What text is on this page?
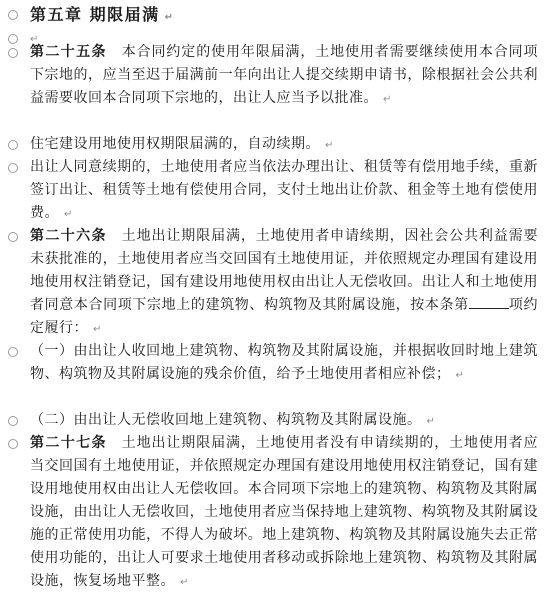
第五章 期限届满 ↵
↵
第二十五条　 本合同约定的使用年限届满，土地使用者需要继续使用本合同项下宗地的，应当至迟于届满前一年向出让人提交续期申请书，除根据社会公共利益需要收回本合同项下宗地的，出让人应当予以批准。 ↵
住宅建设用地使用权期限届满的，自动续期。 ↵
出让人同意续期的，土地使用者应当依法办理出让、租赁等有偿用地手续，重新签订出让、租赁等土地有偿使用合同，支付土地出让价款、租金等土地有偿使用费。 ↵
第二十六条　 土地出让期限届满，土地使用者申请续期，因社会公共利益需要未获批准的，土地使用者应当交回国有土地使用证，并依照规定办理国有建设用地使用权注销登记，国有建设用地使用权由出让人无偿收回。出让人和土地使用者同意本合同项下宗地上的建筑物、构筑物及其附属设施，按本条第	项约定履行： ↵
（一）由出让人收回地上建筑物、构筑物及其附属设施，并根据收回时地上建筑物、构筑物及其附属设施的残余价值，给予土地使用者相应补偿； ↵
（二）由出让人无偿收回地上建筑物、构筑物及其附属设施。 ↵
第二十七条　 土地出让期限届满，土地使用者没有申请续期的，土地使用者应当交回国有土地使用证，并依照规定办理国有建设用地使用权注销登记，国有建设用地使用权由出让人无偿收回。本合同项下宗地上的建筑物、构筑物及其附属设施，由出让人无偿收回，土地使用者应当保持地上建筑物、构筑物及其附属设施的正常使用功能，不得人为破坏。地上建筑物、构筑物及其附属设施失去正常使用功能的，出让人可要求土地使用者移动或拆除地上建筑物、构筑物及其附属设施，恢复场地平整。 ↵
